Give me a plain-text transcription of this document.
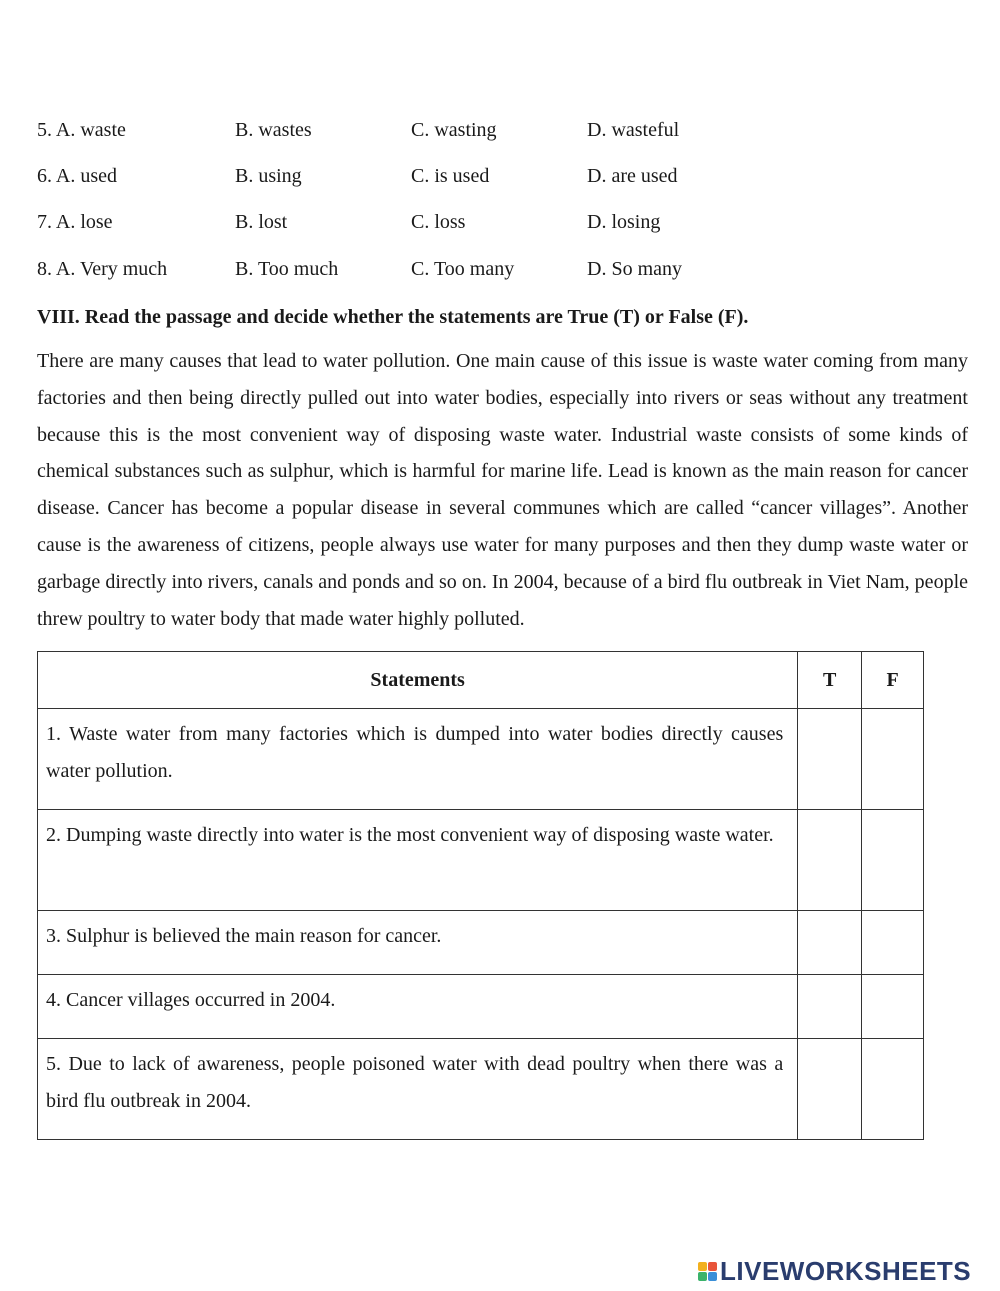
5. A. waste	B. wastes	C. wasting	D. wasteful
6. A. used	B. using	C. is used	D. are used
7. A. lose	B. lost	C. loss	D. losing
8. A. Very much	B. Too much	C. Too many	D. So many
VIII. Read the passage and decide whether the statements are True (T) or False (F).

There are many causes that lead to water pollution. One main cause of this issue is waste water coming from many factories and then being directly pulled out into water bodies, especially into rivers or seas without any treatment because this is the most convenient way of disposing waste water. Industrial waste consists of some kinds of chemical substances such as sulphur, which is harmful for marine life. Lead is known as the main reason for cancer disease. Cancer has become a popular disease in several communes which are called “cancer villages”. Another cause is the awareness of citizens, people always use water for many purposes and then they dump waste water or garbage directly into rivers, canals and ponds and so on. In 2004, because of a bird flu outbreak in Viet Nam, people threw poultry to water body that made water highly polluted.

Statements	T	F
1. Waste water from many factories which is dumped into water bodies directly causes water pollution.		
2. Dumping waste directly into water is the most convenient way of disposing waste water.		
3. Sulphur is believed the main reason for cancer.		
4. Cancer villages occurred in 2004.		
5. Due to lack of awareness, people poisoned water with dead poultry when there was a bird flu outbreak in 2004.		
LIVEWORKSHEETS
